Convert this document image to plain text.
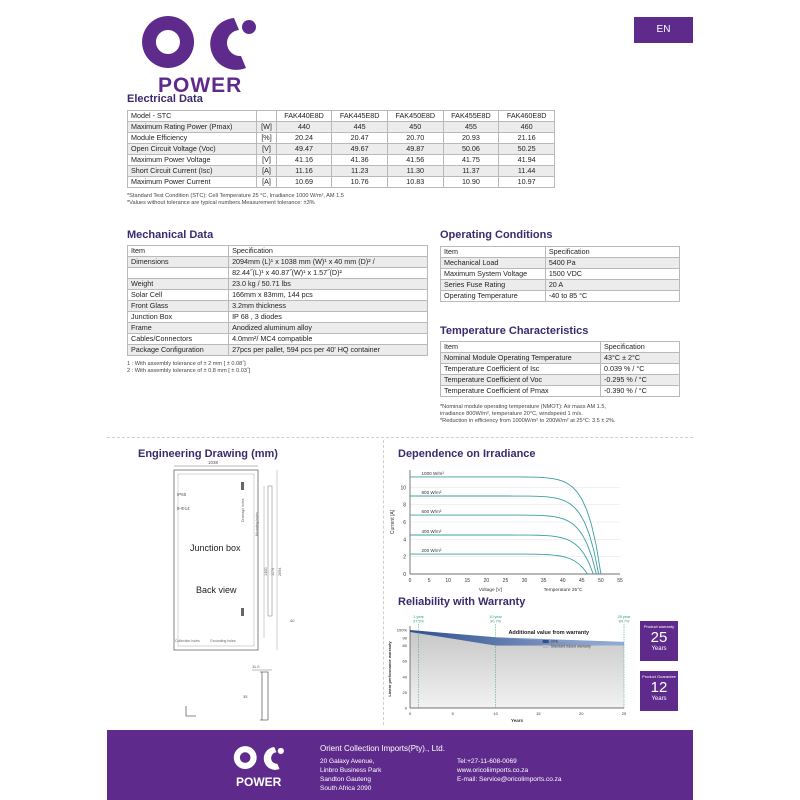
POWER
EN
Electrical Data
Model - STC		FAK440E8D	FAK445E8D	FAK450E8D	FAK455E8D	FAK460E8D
Maximum Rating Power (Pmax)	[W]	440	445	450	455	460
Module Efficiency	[%]	20.24	20.47	20.70	20.93	21.16
Open Circuit Voltage (Voc)	[V]	49.47	49.67	49.87	50.06	50.25
Maximum Power Voltage	[V]	41.16	41.36	41.56	41.75	41.94
Short Circuit Current (Isc)	[A]	11.16	11.23	11.30	11.37	11.44
Maximum Power Current	[A]	10.69	10.76	10.83	10.90	10.97
*Standard Test Condition (STC): Cell Temperature 25 °C, Irradiance 1000 W/m², AM 1.5
*Values without tolerance are typical numbers.Measurement tolerance: ±3%
Mechanical Data
Item	Specification
Dimensions	2094mm (L)¹ x 1038 mm (W)¹ x 40 mm (D)² /
	82.44˝(L)¹ x 40.87˝(W)¹ x 1.57˝(D)²
Weight	23.0 kg / 50.71 lbs
Solar Cell	166mm x 83mm, 144 pcs
Front Glass	3.2mm thickness
Junction Box	IP 68 , 3 diodes
Frame	Anodized aluminum alloy
Cables/Connectors	4.0mm²/ MC4 compatible
Package Configuration	27pcs per pallet, 594 pcs per 40' HQ container
1 : With assembly tolerance of ± 2 mm [ ± 0.08˝]
2 : With assembly tolerance of ± 0.8 mm [ ± 0.03˝]
Operating Conditions
Item	Specification
Mechanical Load	5400 Pa
Maximum System Voltage	1500 VDC
Series Fuse Rating	20 A
Operating Temperature	-40 to 85 °C
Temperature Characteristics
Item	Specification
Nominal Module Operating Temperature	43°C ± 2°C
Temperature Coefficient of Isc	0.039 % / °C
Temperature Coefficient of Voc	-0.295 % / °C
Temperature Coefficient of Pmax	-0.390 % / °C
*Nominal module operating temperature (NMOT): Air mass AM 1.5,
irradiance 800W/m², temperature 20°C, windspeed 1 m/s.
*Reduction in efficiency from 1000W/m² to 200W/m² at 25°C: 3.5 ± 2%.
Engineering Drawing (mm)
1038
IP65
8-Φ14	Drainage holes
Mounting holes
1400 1174 2094
Junction box
Back view
40
Collection holes	Grounding holes
11.0
35
Dependence on Irradiance
0
2
4
6
8
10
0	5	10	15	20	25	30	35	40	45	50	55
Voltage [V]	Temperature 25°C
Current [A]
1000 W/m²
800 W/m²
600 W/m²
400 W/m²
200 W/m²
Reliability with Warranty
1 year
97.5%
10 year
90.7%
25 year
84.7%
0
20
40
60
80
90
100%
0	5	10	15	20	25
Years
Linear performance warranty
Additional value from warranty
OPE
Standard based warranty
Product warranty
25
Years
Product Guarantee
12
Years
POWER
Orient Collection Imports(Pty)., Ltd.
20 Galaxy Avenue,
Linbro Business Park
Sandton Gauteng
South Africa 2090
Tel:+27-11-608-0069
www.oricoliimports.co.za
E-mail: Service@oricolimports.co.za
